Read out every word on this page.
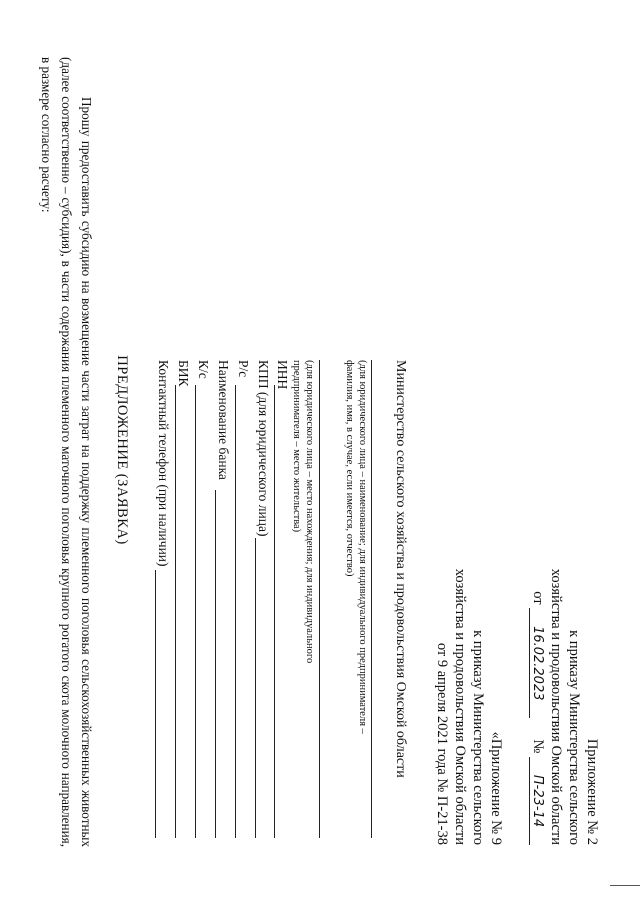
Приложение № 2
к приказу Министерства сельского
хозяйства и продовольствия Омской области
от 16.02.2023  № П-23-14
«Приложение № 9
к приказу Министерства сельского
хозяйства и продовольствия Омской области
от 9 апреля 2021 года № П-21-38
Министерство сельского хозяйства и продовольствия Омской области
(для юридического лица – наименование; для индивидуального предпринимателя –
фамилия, имя, в случае, если имеется, отчество)
(для юридического лица – место нахождения; для индивидуального
предпринимателя – место жительства)
ИНН
КПП (для юридического лица)
Р/с
Наименование банка
К/с
БИК
Контактный телефон (при наличии)
ПРЕДЛОЖЕНИЕ (ЗАЯВКА)
Прошу предоставить субсидию на возмещение части затрат на поддержку племенного поголовья сельскохозяйственных животных (далее соответственно – субсидия), в части содержания племенного маточного поголовья крупного рогатого скота молочного направления, в размере согласно расчету:
